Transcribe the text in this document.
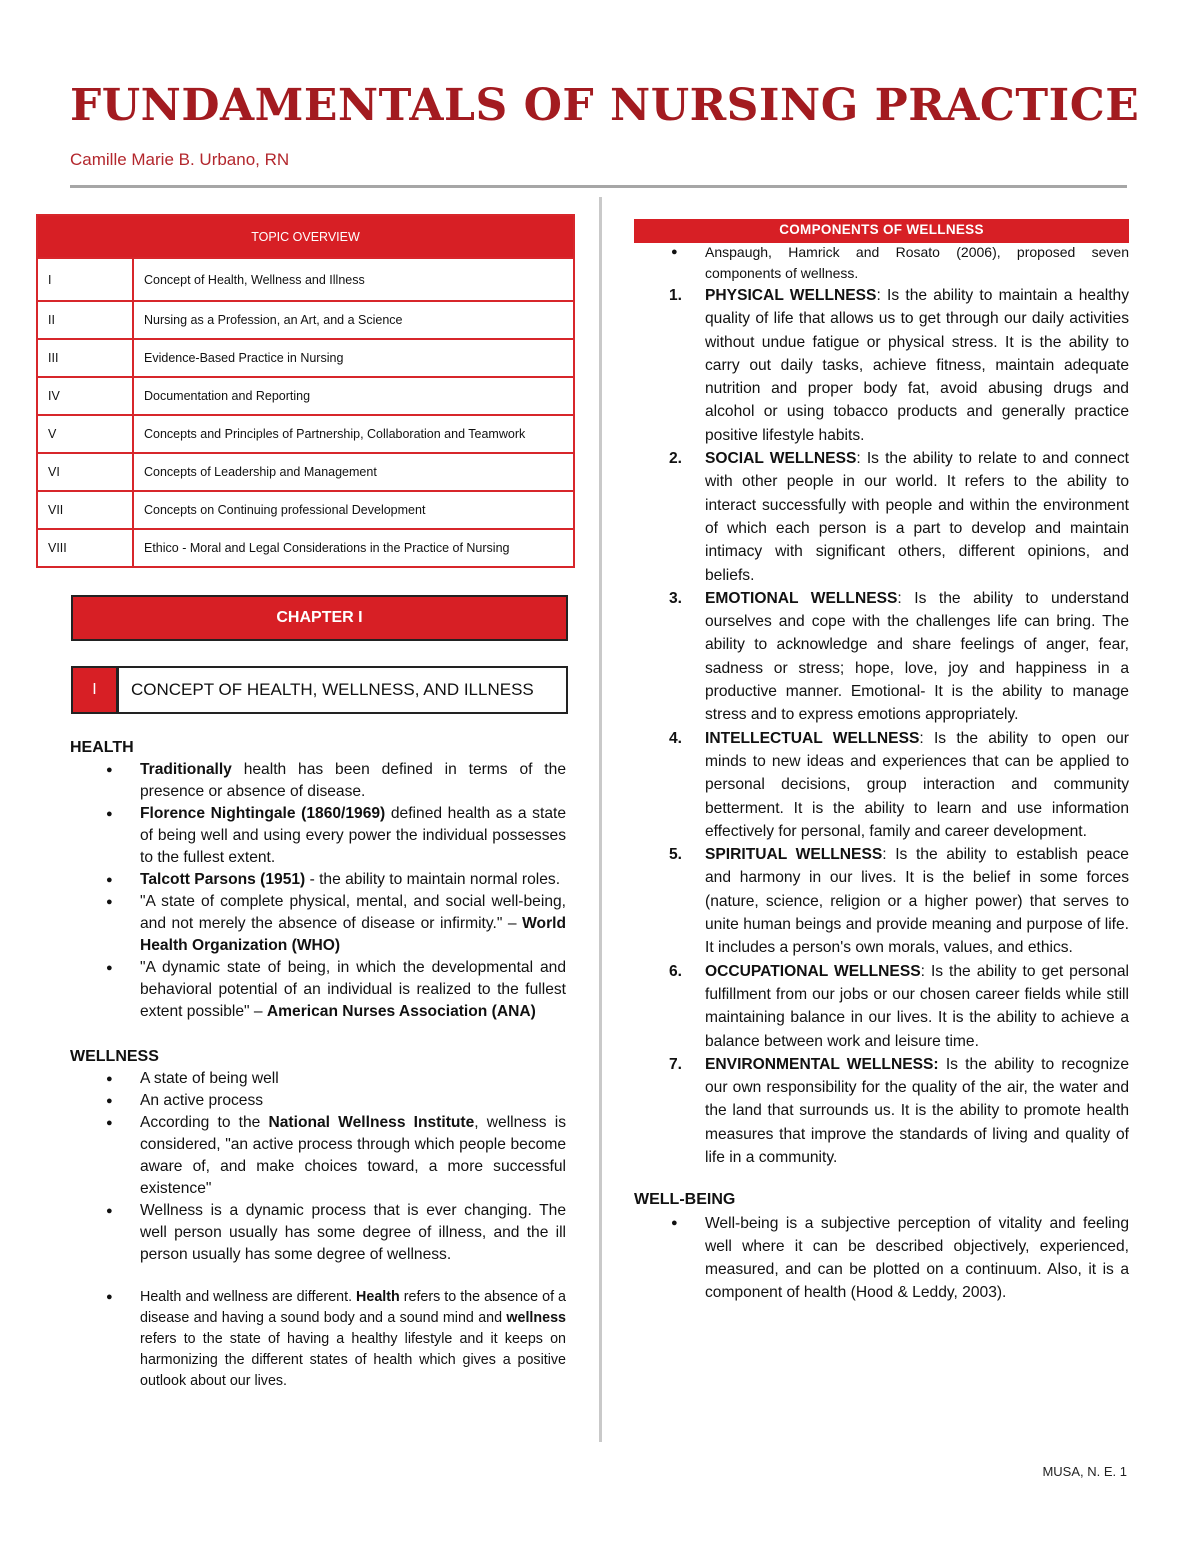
FUNDAMENTALS OF NURSING PRACTICE
Camille Marie B. Urbano, RN
TOPIC OVERVIEW	
I	Concept of Health, Wellness and Illness
II	Nursing as a Profession, an Art, and a Science
III	Evidence-Based Practice in Nursing
IV	Documentation and Reporting
V	Concepts and Principles of Partnership, Collaboration and Teamwork
VI	Concepts of Leadership and Management
VII	Concepts on Continuing professional Development
VIII	Ethico - Moral and Legal Considerations in the Practice of Nursing
CHAPTER I
I	CONCEPT OF HEALTH, WELLNESS, AND ILLNESS

HEALTH

● Traditionally health has been defined in terms of the presence or absence of disease.
● Florence Nightingale (1860/1969) defined health as a state of being well and using every power the individual possesses to the fullest extent.
● Talcott Parsons (1951) - the ability to maintain normal roles.
● "A state of complete physical, mental, and social well-being, and not merely the absence of disease or infirmity." – World Health Organization (WHO)
● "A dynamic state of being, in which the developmental and behavioral potential of an individual is realized to the fullest extent possible" – American Nurses Association (ANA)

WELLNESS

● A state of being well
● An active process
● According to the National Wellness Institute, wellness is considered, "an active process through which people become aware of, and make choices toward, a more successful existence"
● Wellness is a dynamic process that is ever changing. The well person usually has some degree of illness, and the ill person usually has some degree of wellness.
● Health and wellness are different. Health refers to the absence of a disease and having a sound body and a sound mind and wellness refers to the state of having a healthy lifestyle and it keeps on harmonizing the different states of health which gives a positive outlook about our lives.
COMPONENTS OF WELLNESS
● Anspaugh, Hamrick and Rosato (2006), proposed seven components of wellness.
1. PHYSICAL WELLNESS: Is the ability to maintain a healthy quality of life that allows us to get through our daily activities without undue fatigue or physical stress. It is the ability to carry out daily tasks, achieve fitness, maintain adequate nutrition and proper body fat, avoid abusing drugs and alcohol or using tobacco products and generally practice positive lifestyle habits.
2. SOCIAL WELLNESS: Is the ability to relate to and connect with other people in our world. It refers to the ability to interact successfully with people and within the environment of which each person is a part to develop and maintain intimacy with significant others, different opinions, and beliefs.
3. EMOTIONAL WELLNESS: Is the ability to understand ourselves and cope with the challenges life can bring. The ability to acknowledge and share feelings of anger, fear, sadness or stress; hope, love, joy and happiness in a productive manner. Emotional- It is the ability to manage stress and to express emotions appropriately.
4. INTELLECTUAL WELLNESS: Is the ability to open our minds to new ideas and experiences that can be applied to personal decisions, group interaction and community betterment. It is the ability to learn and use information effectively for personal, family and career development.
5. SPIRITUAL WELLNESS: Is the ability to establish peace and harmony in our lives. It is the belief in some forces (nature, science, religion or a higher power) that serves to unite human beings and provide meaning and purpose of life. It includes a person's own morals, values, and ethics.
6. OCCUPATIONAL WELLNESS: Is the ability to get personal fulfillment from our jobs or our chosen career fields while still maintaining balance in our lives. It is the ability to achieve a balance between work and leisure time.
7. ENVIRONMENTAL WELLNESS: Is the ability to recognize our own responsibility for the quality of the air, the water and the land that surrounds us. It is the ability to promote health measures that improve the standards of living and quality of life in a community.

WELL-BEING

● Well-being is a subjective perception of vitality and feeling well where it can be described objectively, experienced, measured, and can be plotted on a continuum. Also, it is a component of health (Hood & Leddy, 2003).
MUSA, N. E. 1
